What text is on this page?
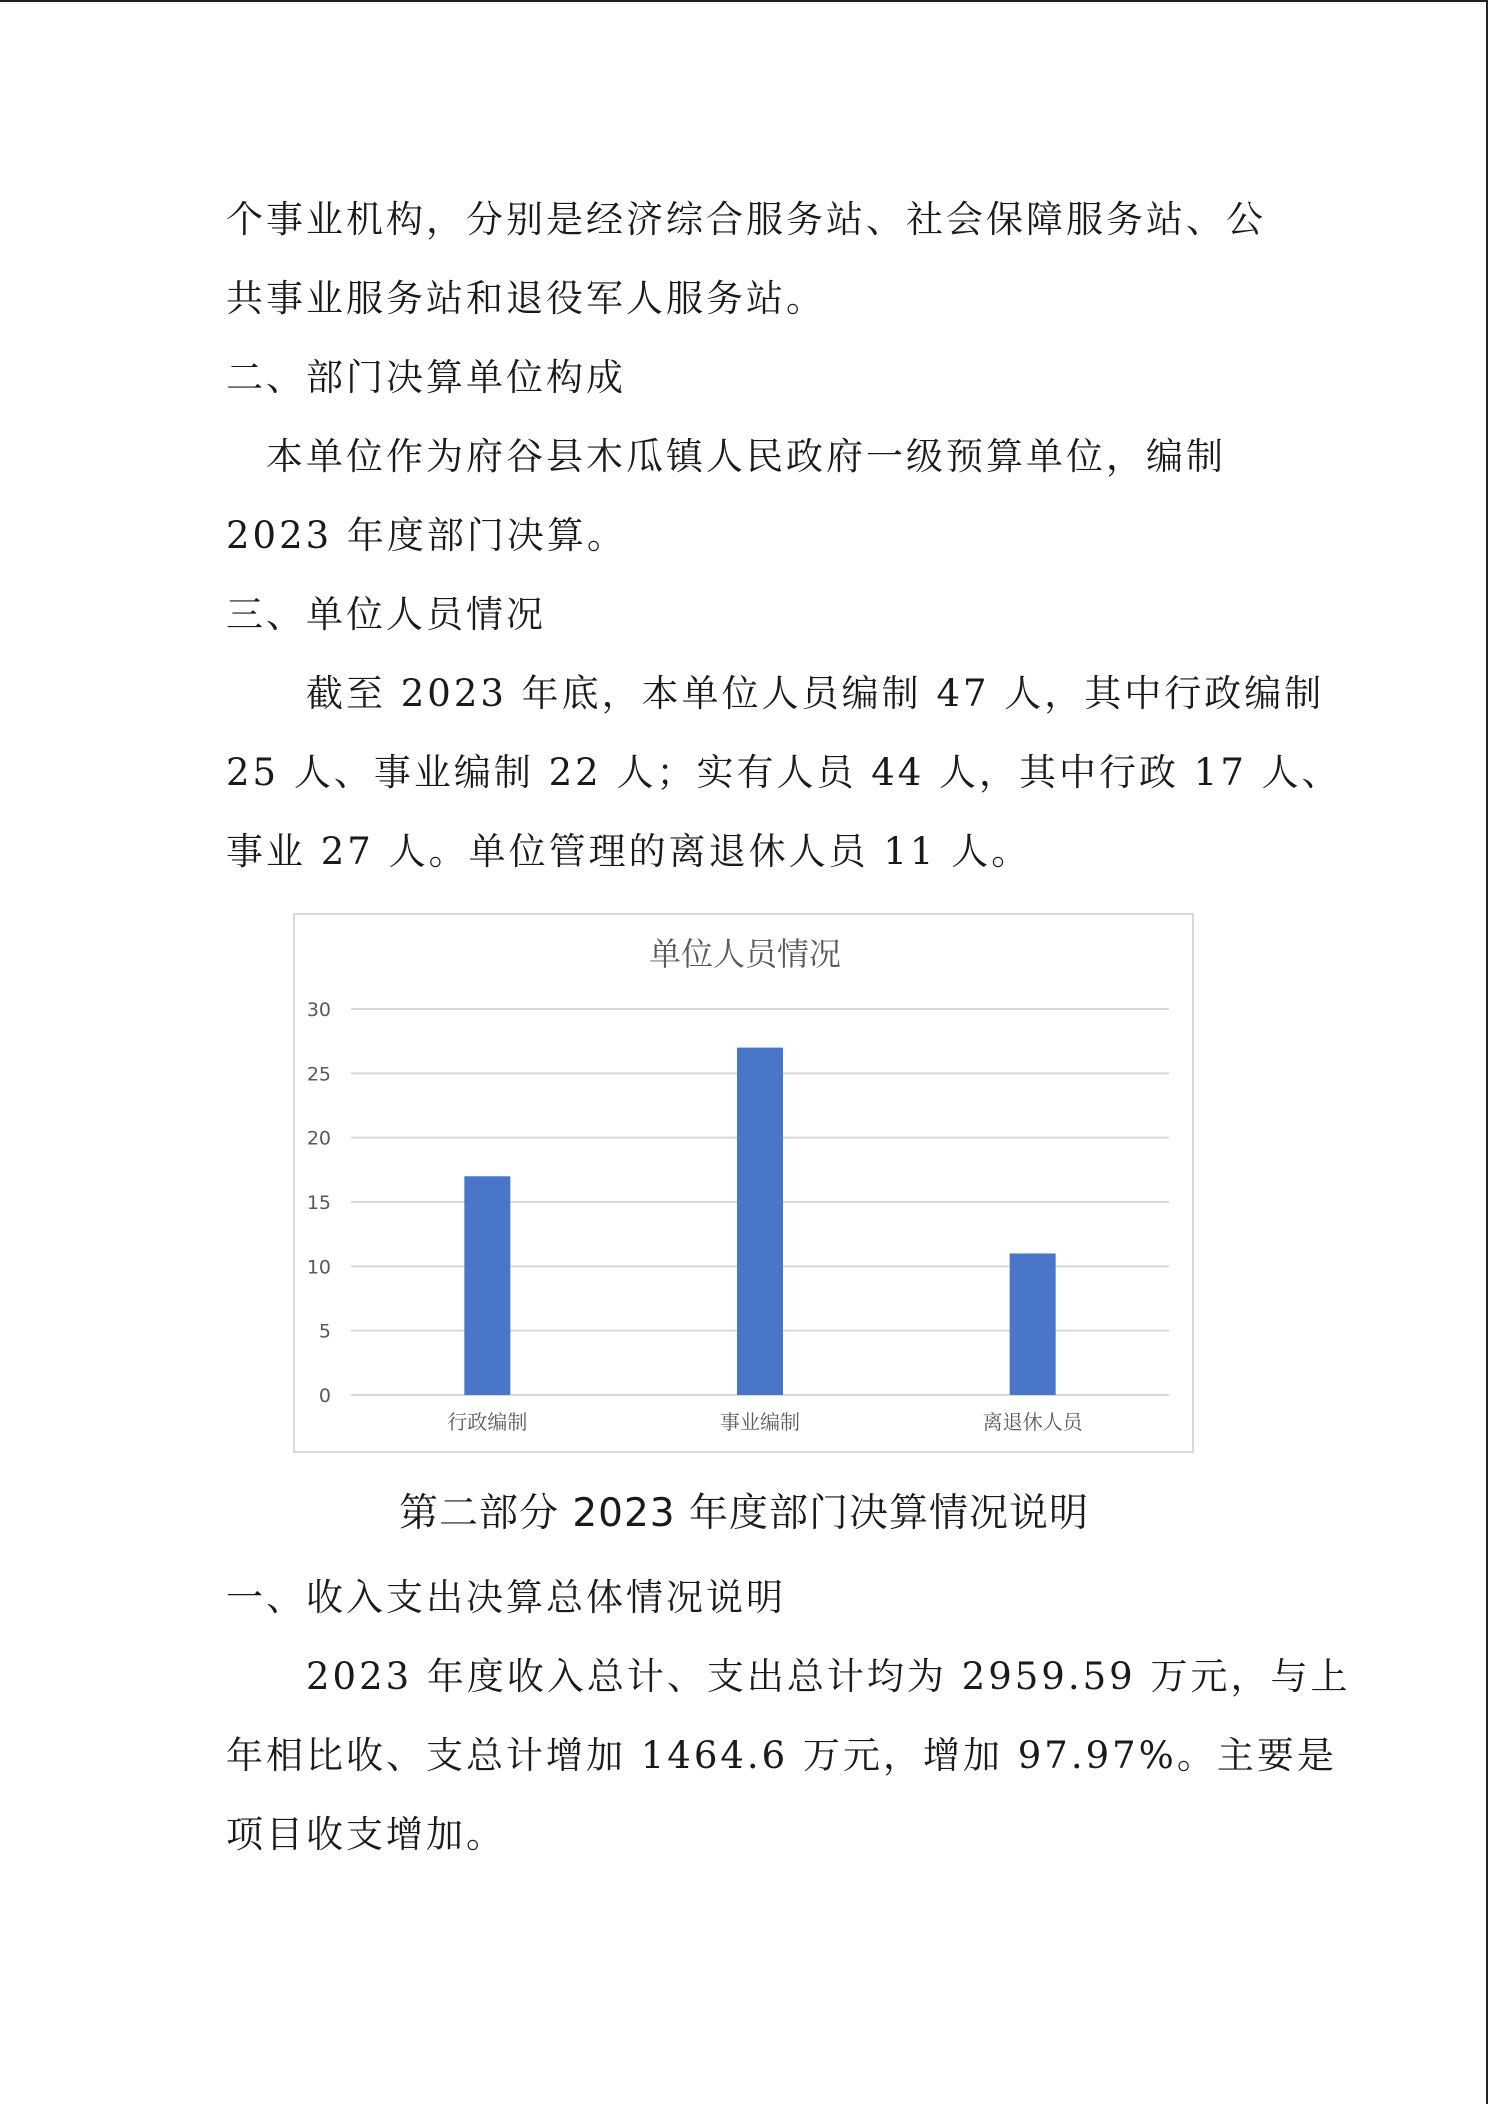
个事业机构，分别是经济综合服务站、社会保障服务站、公
共事业服务站和退役军人服务站。
二、部门决算单位构成
本单位作为府谷县木瓜镇人民政府一级预算单位，编制
2023 年度部门决算。
三、单位人员情况
截至 2023 年底，本单位人员编制 47 人，其中行政编制
25 人、事业编制 22 人；实有人员 44 人，其中行政 17 人、
事业 27 人。单位管理的离退休人员 11 人。
单位人员情况
0
5
10
15
20
25
30
行政编制	事业编制	离退休人员
第二部分 2023 年度部门决算情况说明
一、收入支出决算总体情况说明
2023 年度收入总计、支出总计均为 2959.59 万元，与上
年相比收、支总计增加 1464.6 万元，增加 97.97%。主要是
项目收支增加。
